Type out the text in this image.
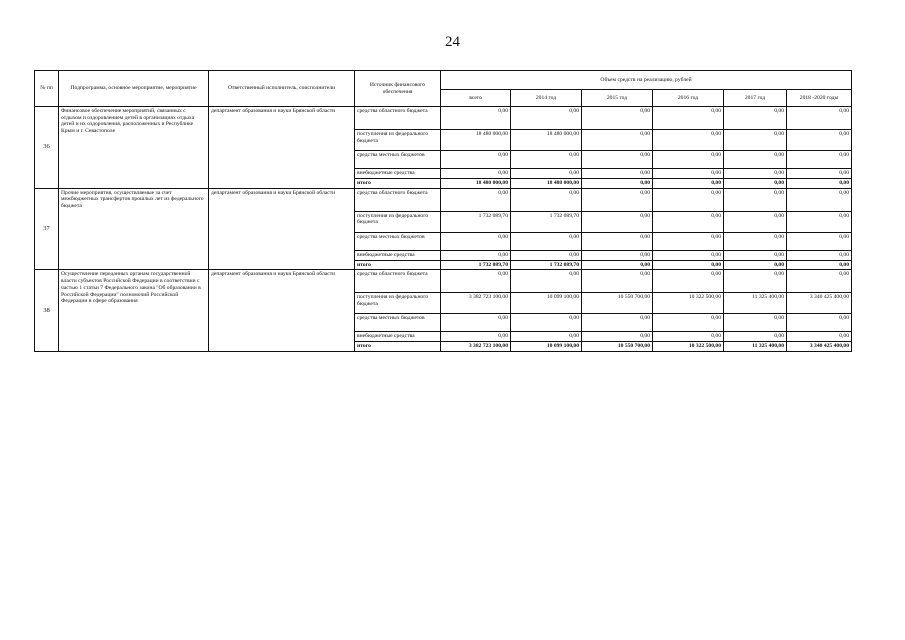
24
№ пп	Подпрограмма, основное мероприятие, мероприятие	Ответственный исполнитель, соисполнители	Источник финансового обеспечения	Объем средств на реализацию, рублей					
				всего	2014 год	2015 год	2016 год	2017 год	2018 -2020 годы
36	Финансовое обеспечение мероприятий, связанных с отдыхом и оздоровлением детей в организациях отдыха детей и их оздоровления, расположенных в Республике Крым и г. Севастополе	департамент образования и науки Брянской области	средства областного бюджета	0,00	0,00	0,00	0,00	0,00	0,00
			поступления из федерального бюджета	18 480 000,00	18 480 000,00	0,00	0,00	0,00	0,00
			средства местных бюджетов	0,00	0,00	0,00	0,00	0,00	0,00
			внебюджетные средства	0,00	0,00	0,00	0,00	0,00	0,00
			итого	18 480 000,00	18 480 000,00	0,00	0,00	0,00	0,00
37	Прочие мероприятия, осуществляемые за счет межбюджетных трансфертов прошлых лет из федерального бюджета	департамент образования и науки Брянской области	средства областного бюджета	0,00	0,00	0,00	0,00	0,00	0,00
			поступления из федерального бюджета	1 732 089,70	1 732 089,70	0,00	0,00	0,00	0,00
			средства местных бюджетов	0,00	0,00	0,00	0,00	0,00	0,00
			внебюджетные средства	0,00	0,00	0,00	0,00	0,00	0,00
			итого	1 732 089,70	1 732 089,70	0,00	0,00	0,00	0,00
38	Осуществление переданных органам государственной власти субъектов Российской Федерации в соответствии с частью 1 статьи 7 Федерального закона "Об образовании в Российской Федерации" полномочий Российской Федерации в сфере образования	департамент образования и науки Брянской области	средства областного бюджета	0,00	0,00	0,00	0,00	0,00	0,00
			поступления из федерального бюджета	3 382 723 100,00	10 099 100,00	10 550 700,00	10 322 500,00	11 325 400,00	3 340 425 400,00
			средства местных бюджетов	0,00	0,00	0,00	0,00	0,00	0,00
			внебюджетные средства	0,00	0,00	0,00	0,00	0,00	0,00
			итого	3 382 723 100,00	10 099 100,00	10 550 700,00	10 322 500,00	11 325 400,00	3 340 425 400,00
